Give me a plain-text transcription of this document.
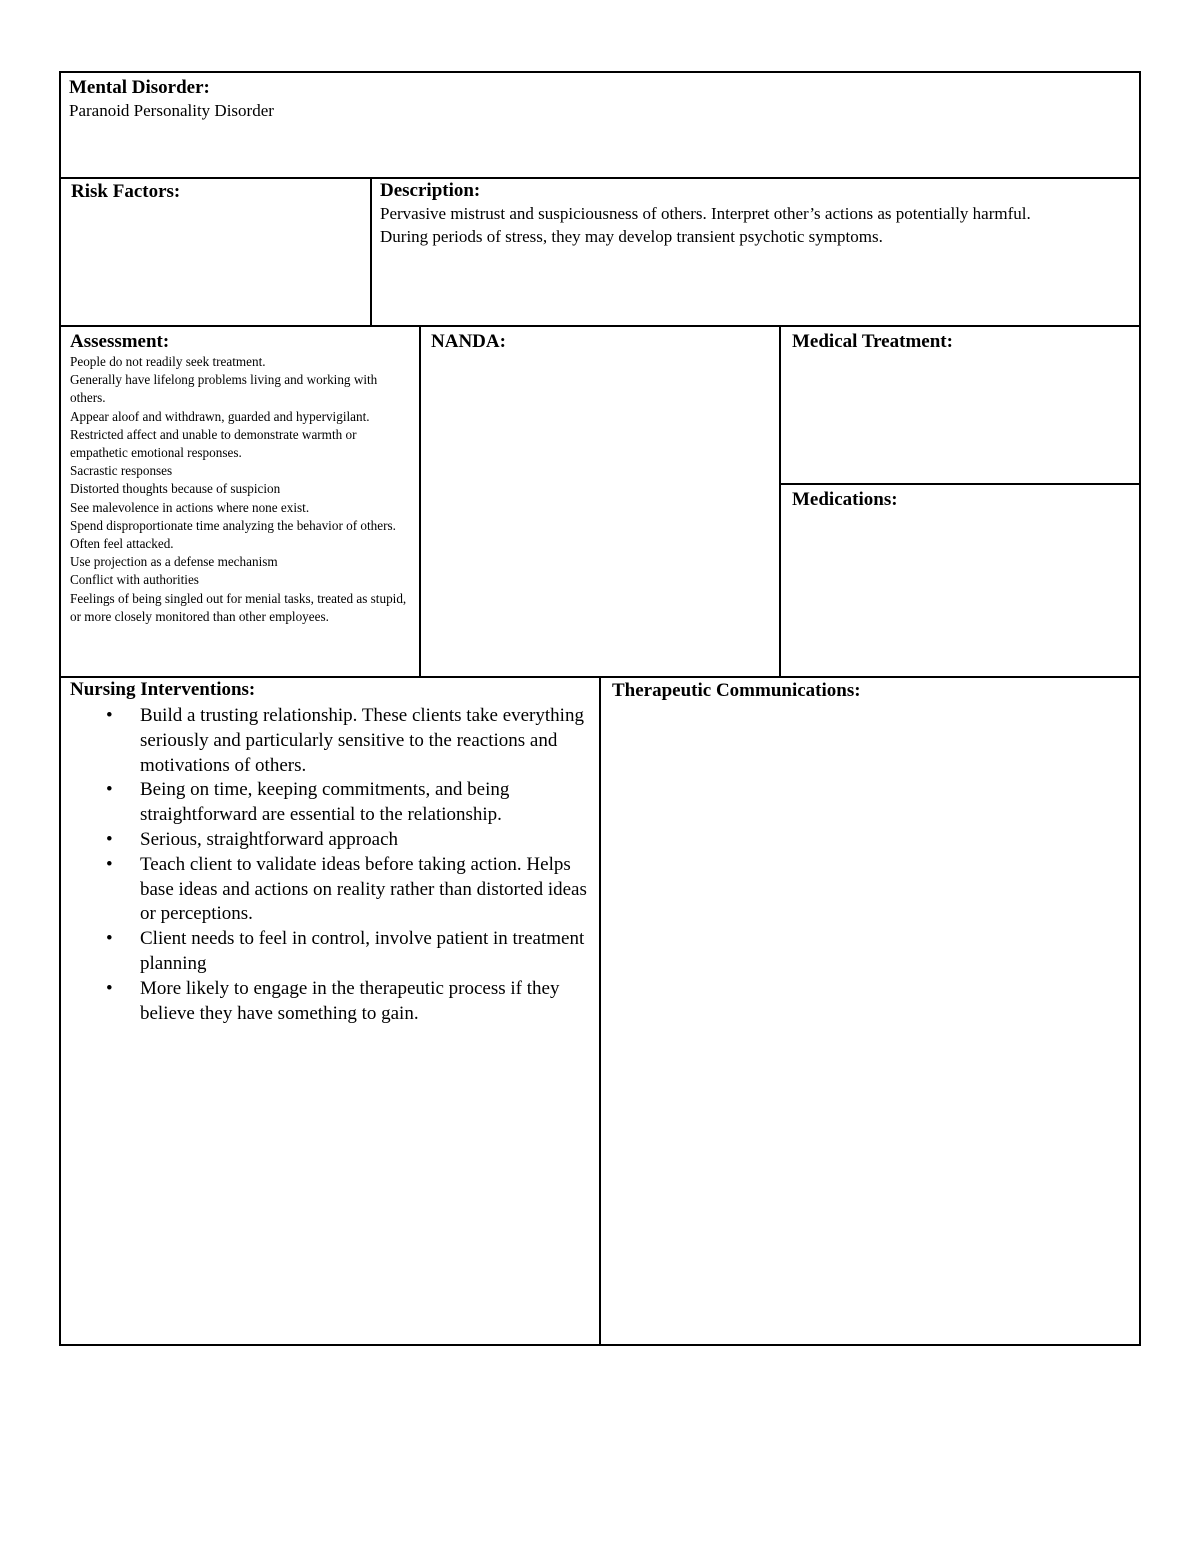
Mental Disorder:
Paranoid Personality Disorder
Risk Factors:	Description:
Pervasive mistrust and suspiciousness of others. Interpret other’s actions as potentially harmful. During periods of stress, they may develop transient psychotic symptoms.
Assessment:
People do not readily seek treatment.
Generally have lifelong problems living and working with others.
Appear aloof and withdrawn, guarded and hypervigilant.
Restricted affect and unable to demonstrate warmth or empathetic emotional responses.
Sacrastic responses
Distorted thoughts because of suspicion
See malevolence in actions where none exist.
Spend disproportionate time analyzing the behavior of others.
Often feel attacked.
Use projection as a defense mechanism
Conflict with authorities
Feelings of being singled out for menial tasks, treated as stupid, or more closely monitored than other employees.
NANDA:	Medical Treatment:
Medications:
Nursing Interventions:
• Build a trusting relationship. These clients take everything seriously and particularly sensitive to the reactions and motivations of others.
• Being on time, keeping commitments, and being straightforward are essential to the relationship.
• Serious, straightforward approach
• Teach client to validate ideas before taking action. Helps base ideas and actions on reality rather than distorted ideas or perceptions.
• Client needs to feel in control, involve patient in treatment planning
• More likely to engage in the therapeutic process if they believe they have something to gain.
Therapeutic Communications:
